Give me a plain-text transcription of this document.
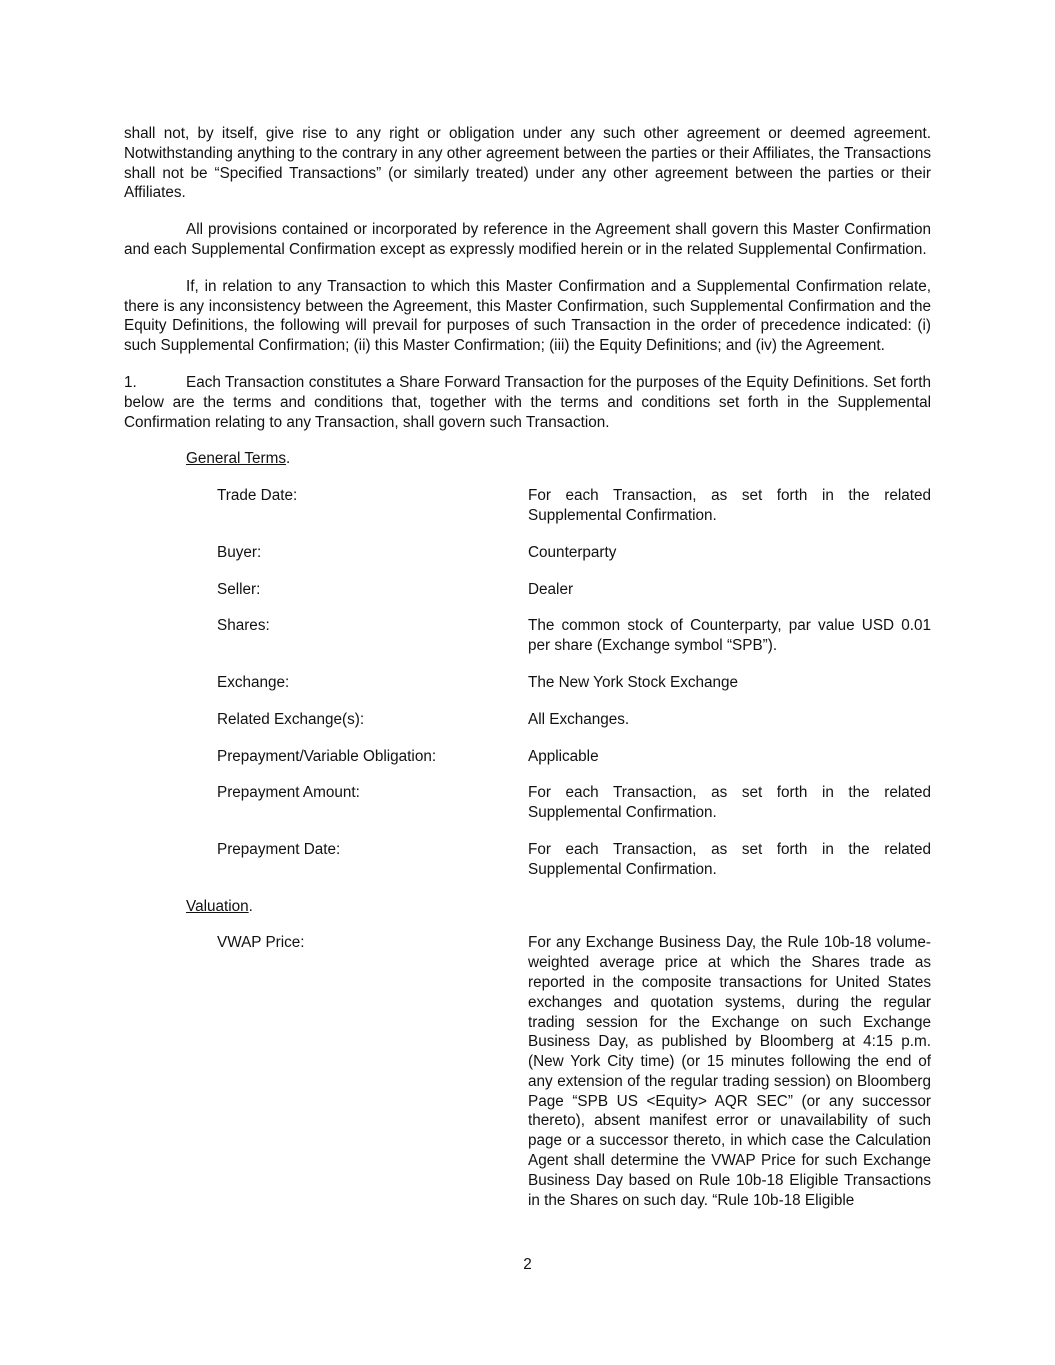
shall not, by itself, give rise to any right or obligation under any such other agreement or deemed agreement. Notwithstanding anything to the contrary in any other agreement between the parties or their Affiliates, the Transactions shall not be “Specified Transactions” (or similarly treated) under any other agreement between the parties or their Affiliates.

All provisions contained or incorporated by reference in the Agreement shall govern this Master Confirmation and each Supplemental Confirmation except as expressly modified herein or in the related Supplemental Confirmation.

If, in relation to any Transaction to which this Master Confirmation and a Supplemental Confirmation relate, there is any inconsistency between the Agreement, this Master Confirmation, such Supplemental Confirmation and the Equity Definitions, the following will prevail for purposes of such Transaction in the order of precedence indicated: (i) such Supplemental Confirmation; (ii) this Master Confirmation; (iii) the Equity Definitions; and (iv) the Agreement.

1.	Each Transaction constitutes a Share Forward Transaction for the purposes of the Equity Definitions. Set forth below are the terms and conditions that, together with the terms and conditions set forth in the Supplemental Confirmation relating to any Transaction, shall govern such Transaction.

General Terms.
Trade Date:	For each Transaction, as set forth in the related Supplemental Confirmation.
Buyer:	Counterparty
Seller:	Dealer
Shares:	The common stock of Counterparty, par value USD 0.01 per share (Exchange symbol “SPB”).
Exchange:	The New York Stock Exchange
Related Exchange(s):	All Exchanges.
Prepayment/Variable Obligation:	Applicable
Prepayment Amount:	For each Transaction, as set forth in the related Supplemental Confirmation.
Prepayment Date:	For each Transaction, as set forth in the related Supplemental Confirmation.
Valuation.
VWAP Price:	For any Exchange Business Day, the Rule 10b-18 volume-weighted average price at which the Shares trade as reported in the composite transactions for United States exchanges and quotation systems, during the regular trading session for the Exchange on such Exchange Business Day, as published by Bloomberg at 4:15 p.m. (New York City time) (or 15 minutes following the end of any extension of the regular trading session) on Bloomberg Page “SPB US <Equity> AQR SEC” (or any successor thereto), absent manifest error or unavailability of such page or a successor thereto, in which case the Calculation Agent shall determine the VWAP Price for such Exchange Business Day based on Rule 10b-18 Eligible Transactions in the Shares on such day. “Rule 10b-18 Eligible
2
